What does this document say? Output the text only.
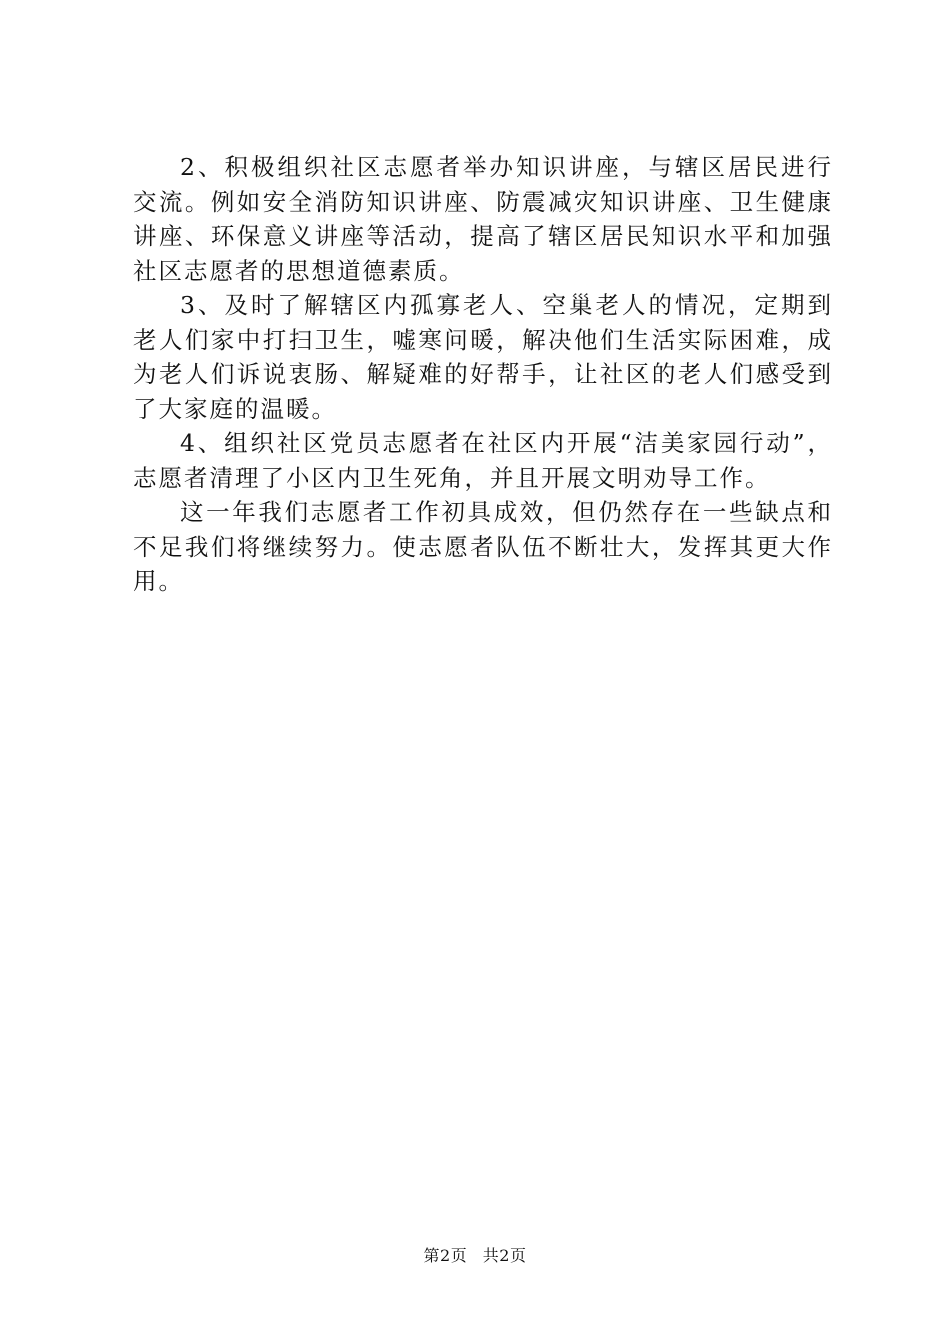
2、积极组织社区志愿者举办知识讲座，与辖区居民进行交流。例如安全消防知识讲座、防震减灾知识讲座、卫生健康讲座、环保意义讲座等活动，提高了辖区居民知识水平和加强社区志愿者的思想道德素质。

3、及时了解辖区内孤寡老人、空巢老人的情况，定期到老人们家中打扫卫生，嘘寒问暖，解决他们生活实际困难，成为老人们诉说衷肠、解疑难的好帮手，让社区的老人们感受到了大家庭的温暖。

4、组织社区党员志愿者在社区内开展“洁美家园行动”，志愿者清理了小区内卫生死角，并且开展文明劝导工作。

这一年我们志愿者工作初具成效，但仍然存在一些缺点和不足我们将继续努力。使志愿者队伍不断壮大，发挥其更大作用。

第2页 共2页
